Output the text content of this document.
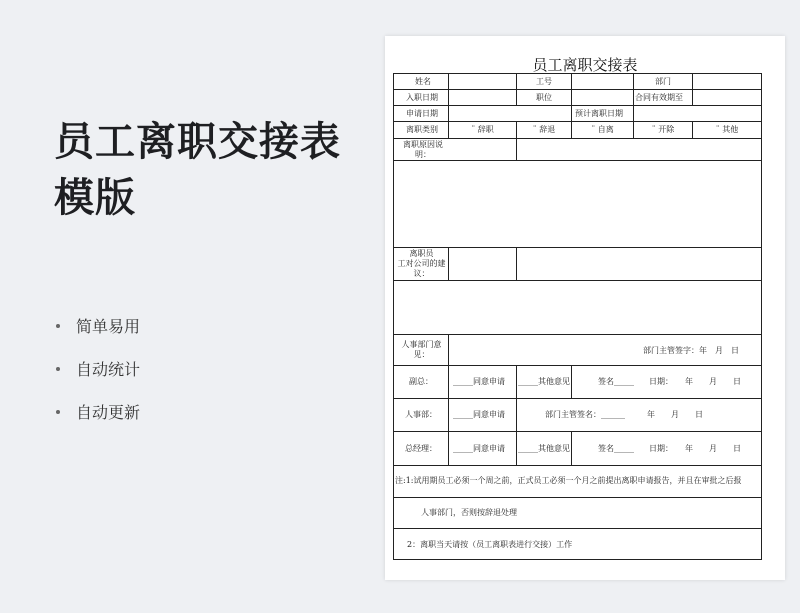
员工离职交接表
模版
简单易用
自动统计
自动更新
员工离职交接表
姓名	工号	部门
入职日期	职位	合同有效期至
申请日期	预计离职日期
离职类别	¨ 辞职	¨ 辞退	¨ 自离	¨ 开除	¨ 其他
离职原因说
明：
离职员
工对公司的建
议：
人事部门意
见：	部门主管签字：年　月　日
副总：	_____同意申请 _____其他意见	签名_____ 日期：　　年　　月　　日
人事部：	_____同意申请	部门主管签名：______	年　　月　　日
总经理：	_____同意申请 _____其他意见	签名_____ 日期：　　年　　月　　日
注:1:试用期员工必须一个周之前，正式员工必须一个月之前提出离职申请报告，并且在审批之后报
人事部门，否则按辞退处理
2：离职当天请按（员工离职表进行交接）工作
